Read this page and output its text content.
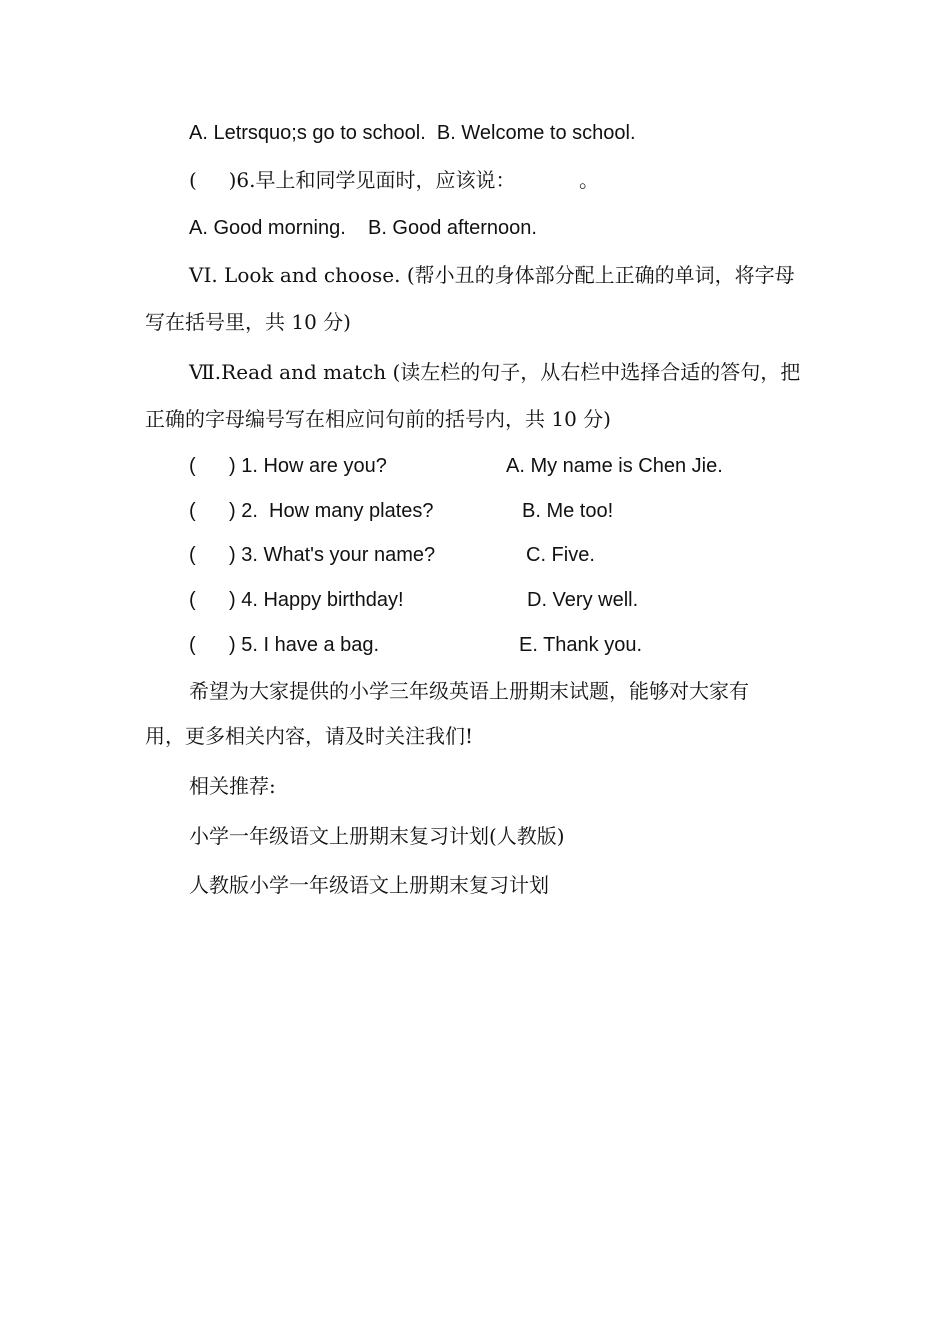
A. Letrsquo;s go to school.  B. Welcome to school.
(     )6.早上和同学见面时，应该说：          。
A. Good morning.    B. Good afternoon.
VI. Look and choose. (帮小丑的身体部分配上正确的单词，将字母
写在括号里，共 10 分)
Ⅶ.Read and match (读左栏的句子，从右栏中选择合适的答句，把
正确的字母编号写在相应问句前的括号内，共 10 分)
(      ) 1. How are you?	A. My name is Chen Jie.
(      ) 2.  How many plates?	B. Me too!
(      ) 3. What's your name?	C. Five.
(      ) 4. Happy birthday!	D. Very well.
(      ) 5. I have a bag.	E. Thank you.
希望为大家提供的小学三年级英语上册期末试题，能够对大家有
用，更多相关内容，请及时关注我们!
相关推荐:
小学一年级语文上册期末复习计划(人教版)
人教版小学一年级语文上册期末复习计划
